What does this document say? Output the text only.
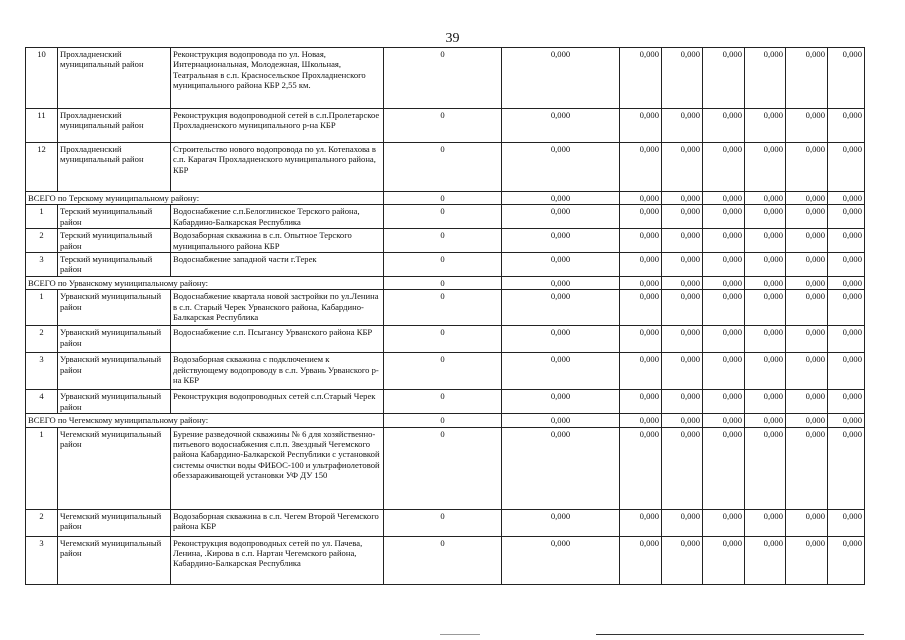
39
10	Прохладненский муниципальный район	Реконструкция водопровода по ул. Новая, Интернациональная, Молодежная, Школьная, Театральная в с.п. Красносельское Прохладненского муниципального района КБР 2,55 км.	0	0,000	0,000	0,000	0,000	0,000	0,000	0,000
11	Прохладненский муниципальный район	Реконструкция водопроводной сетей в с.п.Пролетарское Прохладненского муниципального р-на КБР	0	0,000	0,000	0,000	0,000	0,000	0,000	0,000
12	Прохладненский муниципальный район	Строительство нового водопровода по ул. Котепахова в с.п. Карагач Прохладненского муниципального района, КБР	0	0,000	0,000	0,000	0,000	0,000	0,000	0,000
ВСЕГО по Терскому муниципальному району:			0	0,000	0,000	0,000	0,000	0,000	0,000	0,000
1	Терский муниципальный район	Водоснабжение с.п.Белоглинское Терского района, Кабардино-Балкарская Республика	0	0,000	0,000	0,000	0,000	0,000	0,000	0,000
2	Терский муниципальный район	Водозаборная скважина в с.п. Опытное Терского муниципального района КБР	0	0,000	0,000	0,000	0,000	0,000	0,000	0,000
3	Терский муниципальный район	Водоснабжение западной части г.Терек	0	0,000	0,000	0,000	0,000	0,000	0,000	0,000
ВСЕГО по Урванскому муниципальному району:			0	0,000	0,000	0,000	0,000	0,000	0,000	0,000
1	Урванский муниципальный район	Водоснабжение квартала новой застройки по ул.Ленина в с.п. Старый Черек Урванского района, Кабардино-Балкарская Республика	0	0,000	0,000	0,000	0,000	0,000	0,000	0,000
2	Урванский муниципальный район	Водоснабжение с.п. Псыгансу Урванского района КБР	0	0,000	0,000	0,000	0,000	0,000	0,000	0,000
3	Урванский муниципальный район	Водозаборная скважина с подключением к действующему водопроводу в с.п. Урвань Урванского р-на КБР	0	0,000	0,000	0,000	0,000	0,000	0,000	0,000
4	Урванский муниципальный район	Реконструкция водопроводных сетей с.п.Старый Черек	0	0,000	0,000	0,000	0,000	0,000	0,000	0,000
ВСЕГО по Чегемскому муниципальному району:			0	0,000	0,000	0,000	0,000	0,000	0,000	0,000
1	Чегемский муниципальный район	Бурение разведочной скважины № 6 для хозяйственно-питьевого водоснабжения с.п.п. Звездный Чегемского района Кабардино-Балкарской Республики с установкой системы очистки воды ФИБОС-100 и ультрафиолетовой обеззараживающей установки УФ ДУ 150	0	0,000	0,000	0,000	0,000	0,000	0,000	0,000
2	Чегемский муниципальный район	Водозаборная скважина в с.п. Чегем Второй Чегемского района КБР	0	0,000	0,000	0,000	0,000	0,000	0,000	0,000
3	Чегемский муниципальный район	Реконструкция водопроводных сетей по ул. Пачева, Ленина, .Кирова в с.п. Нартан Чегемского района, Кабардино-Балкарская Республика	0	0,000	0,000	0,000	0,000	0,000	0,000	0,000
